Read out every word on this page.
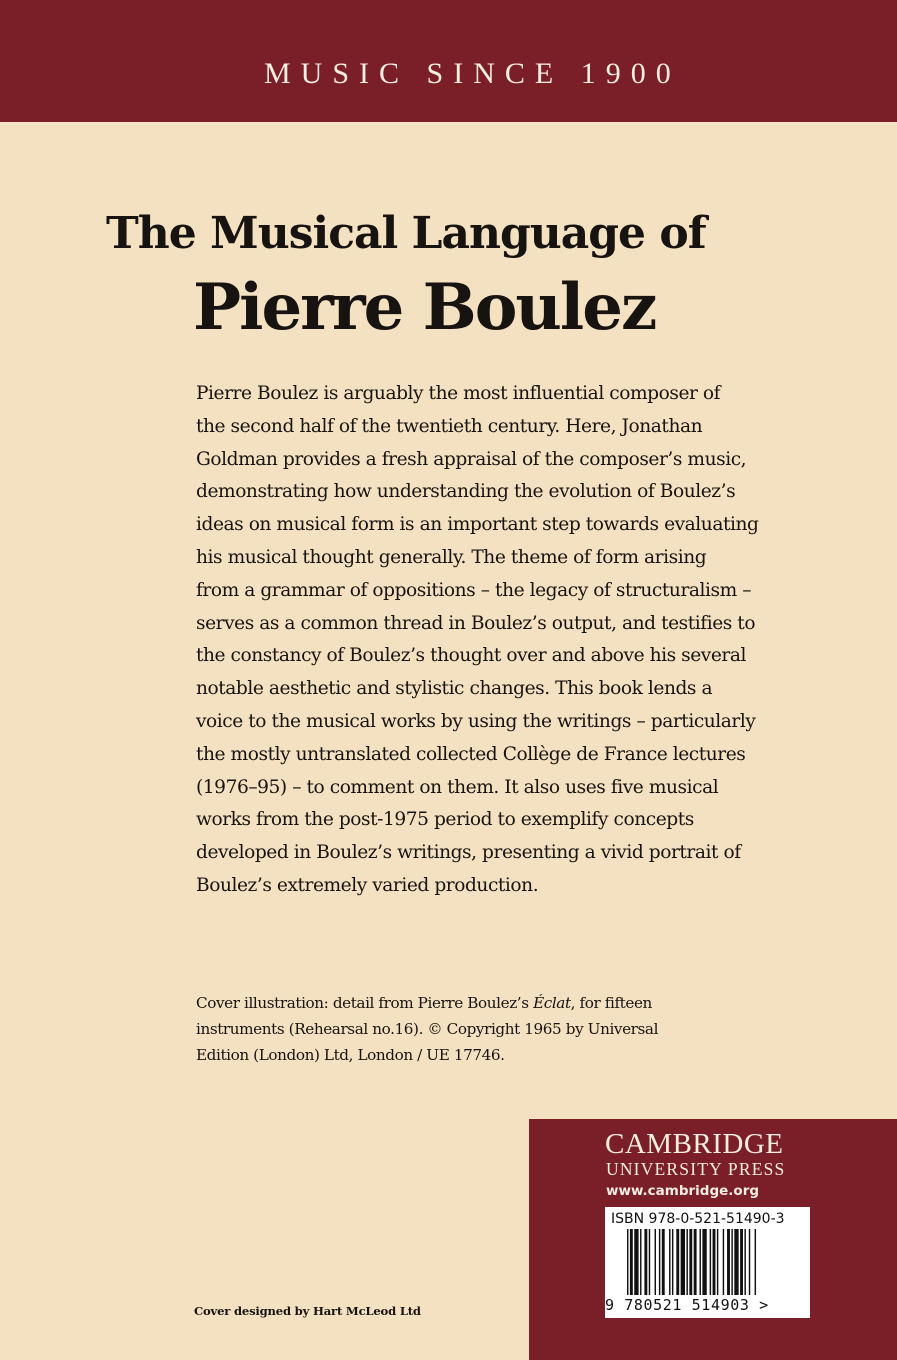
MUSIC SINCE 1900
The Musical Language of
Pierre Boulez
Pierre Boulez is arguably the most influential composer of
the second half of the twentieth century. Here, Jonathan
Goldman provides a fresh appraisal of the composer’s music,
demonstrating how understanding the evolution of Boulez’s
ideas on musical form is an important step towards evaluating
his musical thought generally. The theme of form arising
from a grammar of oppositions – the legacy of structuralism –
serves as a common thread in Boulez’s output, and testifies to
the constancy of Boulez’s thought over and above his several
notable aesthetic and stylistic changes. This book lends a
voice to the musical works by using the writings – particularly
the mostly untranslated collected Collège de France lectures
(1976–95) – to comment on them. It also uses five musical
works from the post-1975 period to exemplify concepts
developed in Boulez’s writings, presenting a vivid portrait of
Boulez’s extremely varied production.
Cover illustration: detail from Pierre Boulez’s Éclat, for fifteen
instruments (Rehearsal no.16). © Copyright 1965 by Universal
Edition (London) Ltd, London / UE 17746.
CAMBRIDGE
UNIVERSITY PRESS
www.cambridge.org
ISBN 978-0-521-51490-3
9 780521 514903 >
Cover designed by Hart McLeod Ltd
